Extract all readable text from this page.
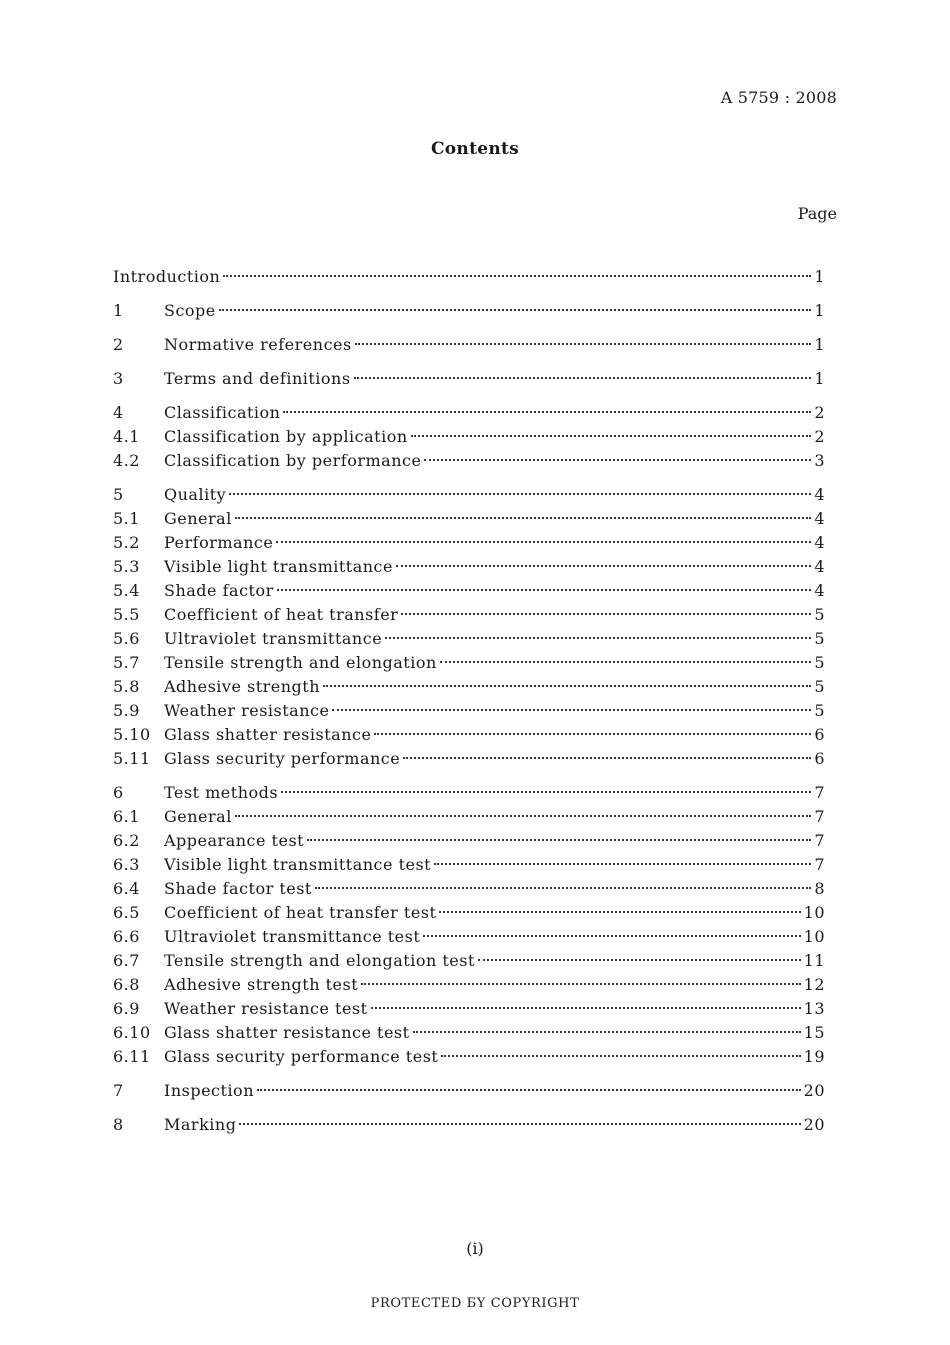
A 5759 : 2008
Contents
Page
Introduction	1
1	Scope	1
2	Normative references	1
3	Terms and definitions	1
4	Classification	2
4.1	Classification by application	2
4.2	Classification by performance	3
5	Quality	4
5.1	General	4
5.2	Performance	4
5.3	Visible light transmittance	4
5.4	Shade factor	4
5.5	Coefficient of heat transfer	5
5.6	Ultraviolet transmittance	5
5.7	Tensile strength and elongation	5
5.8	Adhesive strength	5
5.9	Weather resistance	5
5.10 Glass shatter resistance	6
5.11 Glass security performance	6
6	Test methods	7
6.1	General	7
6.2	Appearance test	7
6.3	Visible light transmittance test	7
6.4	Shade factor test	8
6.5	Coefficient of heat transfer test	10
6.6	Ultraviolet transmittance test	10
6.7	Tensile strength and elongation test	11
6.8	Adhesive strength test	12
6.9	Weather resistance test	13
6.10 Glass shatter resistance test	15
6.11 Glass security performance test	19
7	Inspection	20
8	Marking	20
(i)
PROTECTED БY COPYRIGHT
